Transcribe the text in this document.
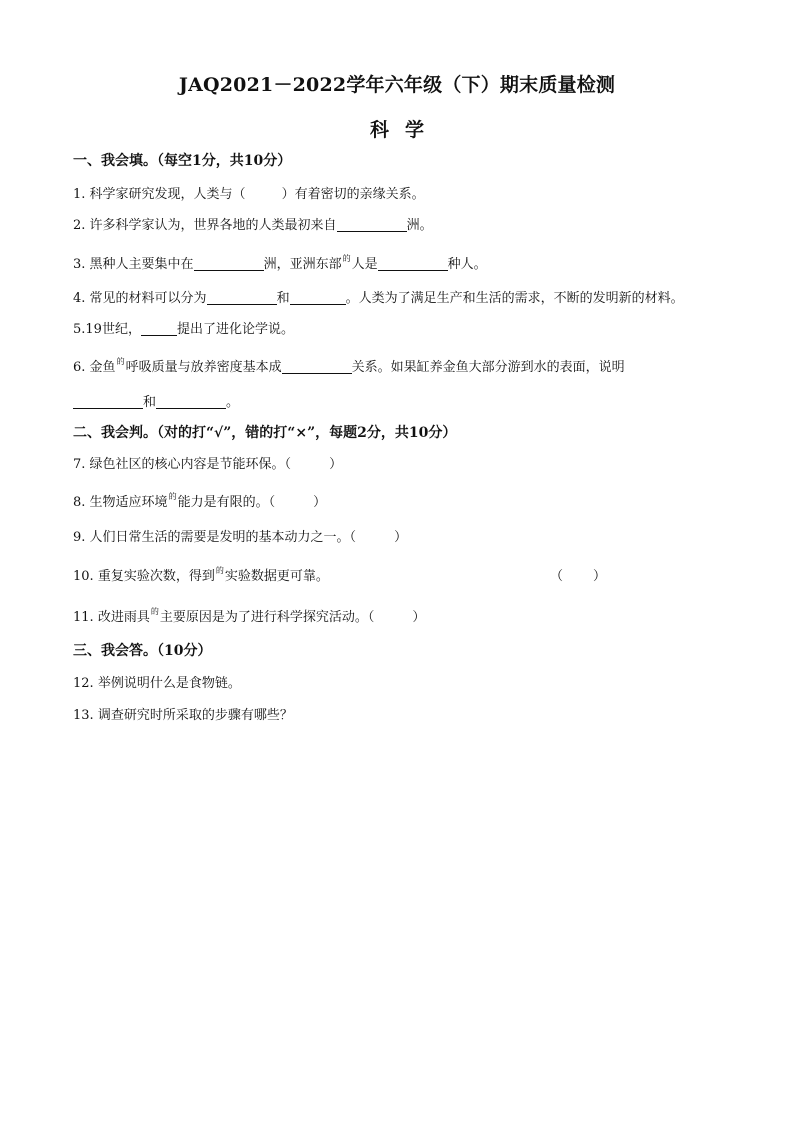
JAQ2021－2022学年六年级（下）期末质量检测
科学
一、我会填。（每空1分，共10分）
1. 科学家研究发现，人类与（	）有着密切的亲缘关系。
2. 许多科学家认为，世界各地的人类最初来自	洲。
3. 黑种人主要集中在	洲，亚洲东部$^的$人是	种人。
4. 常见的材料可以分为	和	。人类为了满足生产和生活的需求，不断的发明新的材料。
5.19世纪，	提出了进化论学说。
6. 金鱼$^的$呼吸质量与放养密度基本成	关系。如果缸养金鱼大部分游到水的表面，说明
和	。
二、我会判。（对的打“√”，错的打“×”，每题2分，共10分）
7. 绿色社区的核心内容是节能环保。（	）
8. 生物适应环境$^的$能力是有限的。（	）
9. 人们日常生活的需要是发明的基本动力之一。（	）
10. 重复实验次数，得到$^的$实验数据更可靠。	（ ）
11. 改进雨具$^的$主要原因是为了进行科学探究活动。（	）
三、我会答。（10分）
12. 举例说明什么是食物链。
13. 调查研究时所采取的步骤有哪些？
